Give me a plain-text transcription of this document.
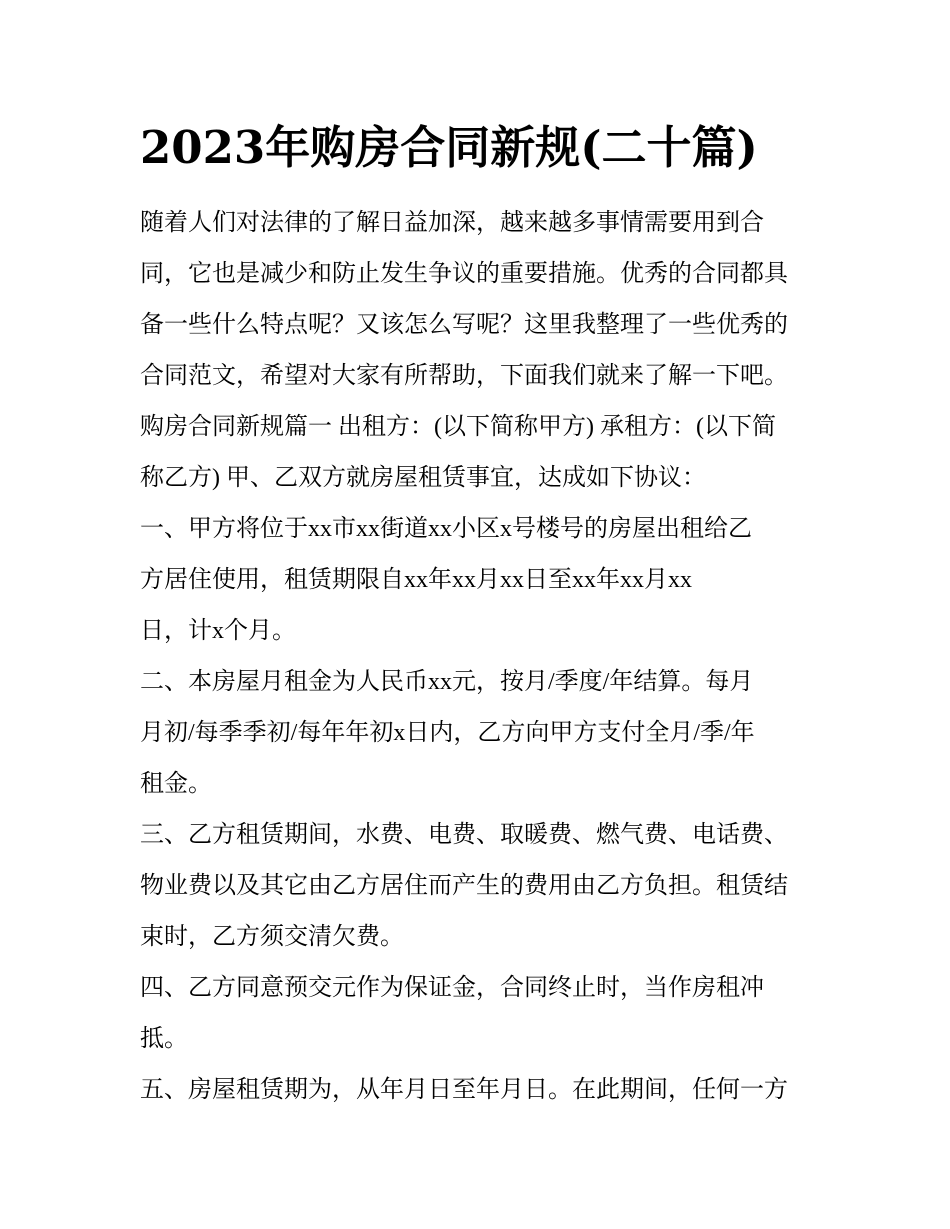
2023年购房合同新规(二十篇)

随着人们对法律的了解日益加深，越来越多事情需要用到合

同，它也是减少和防止发生争议的重要措施。优秀的合同都具

备一些什么特点呢？又该怎么写呢？这里我整理了一些优秀的

合同范文，希望对大家有所帮助，下面我们就来了解一下吧。

购房合同新规篇一 出租方：(以下简称甲方) 承租方：(以下简

称乙方) 甲、乙双方就房屋租赁事宜，达成如下协议：

一、甲方将位于xx市xx街道xx小区x号楼号的房屋出租给乙

方居住使用，租赁期限自xx年xx月xx日至xx年xx月xx

日，计x个月。

二、本房屋月租金为人民币xx元，按月/季度/年结算。每月

月初/每季季初/每年年初x日内，乙方向甲方支付全月/季/年

租金。

三、乙方租赁期间，水费、电费、取暖费、燃气费、电话费、

物业费以及其它由乙方居住而产生的费用由乙方负担。租赁结

束时，乙方须交清欠费。

四、乙方同意预交元作为保证金，合同终止时，当作房租冲

抵。

五、房屋租赁期为，从年月日至年月日。在此期间，任何一方
